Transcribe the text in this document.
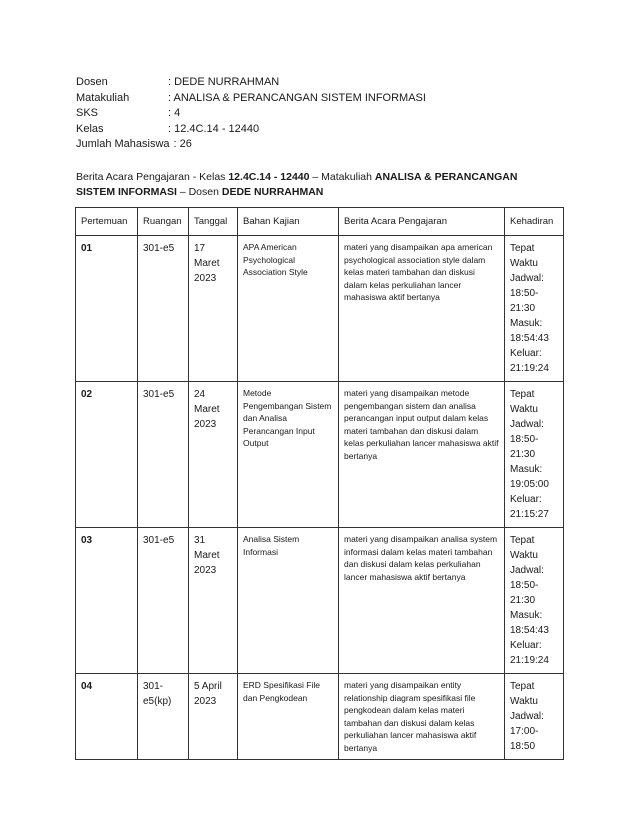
Dosen	: DEDE NURRAHMAN
Matakuliah	: ANALISA & PERANCANGAN SISTEM INFORMASI
SKS	: 4
Kelas	: 12.4C.14 - 12440
Jumlah Mahasiswa : 26
Berita Acara Pengajaran - Kelas 12.4C.14 - 12440 – Matakuliah ANALISA & PERANCANGAN SISTEM INFORMASI – Dosen DEDE NURRAHMAN
Pertemuan	Ruangan	Tanggal	Bahan Kajian	Berita Acara Pengajaran	Kehadiran
01	301-e5	17 Maret 2023	APA American Psychological Association Style	materi yang disampaikan apa american psychological association style dalam kelas materi tambahan dan diskusi dalam kelas perkuliahan lancer mahasiswa aktif bertanya	Tepat Waktu
Jadwal: 18:50-21:30
Masuk: 18:54:43
Keluar: 21:19:24

02	301-e5	24 Maret 2023	Metode Pengembangan Sistem dan Analisa Perancangan Input Output	materi yang disampaikan metode pengembangan sistem dan analisa perancangan input output dalam kelas materi tambahan dan diskusi dalam kelas perkuliahan lancer mahasiswa aktif bertanya	Tepat Waktu
Jadwal: 18:50-21:30
Masuk: 19:05:00
Keluar: 21:15:27

03	301-e5	31 Maret 2023	Analisa Sistem Informasi	materi yang disampaikan analisa system informasi dalam kelas materi tambahan dan diskusi dalam kelas perkuliahan lancer mahasiswa aktif bertanya	Tepat Waktu
Jadwal: 18:50-21:30
Masuk: 18:54:43
Keluar: 21:19:24

04	301-e5(kp)	5 April 2023	ERD Spesifikasi File dan Pengkodean	materi yang disampaikan entity relationship diagram spesifikasi file pengkodean dalam kelas materi tambahan dan diskusi dalam kelas perkuliahan lancer mahasiswa aktif bertanya	Tepat Waktu
Jadwal: 17:00-18:50
